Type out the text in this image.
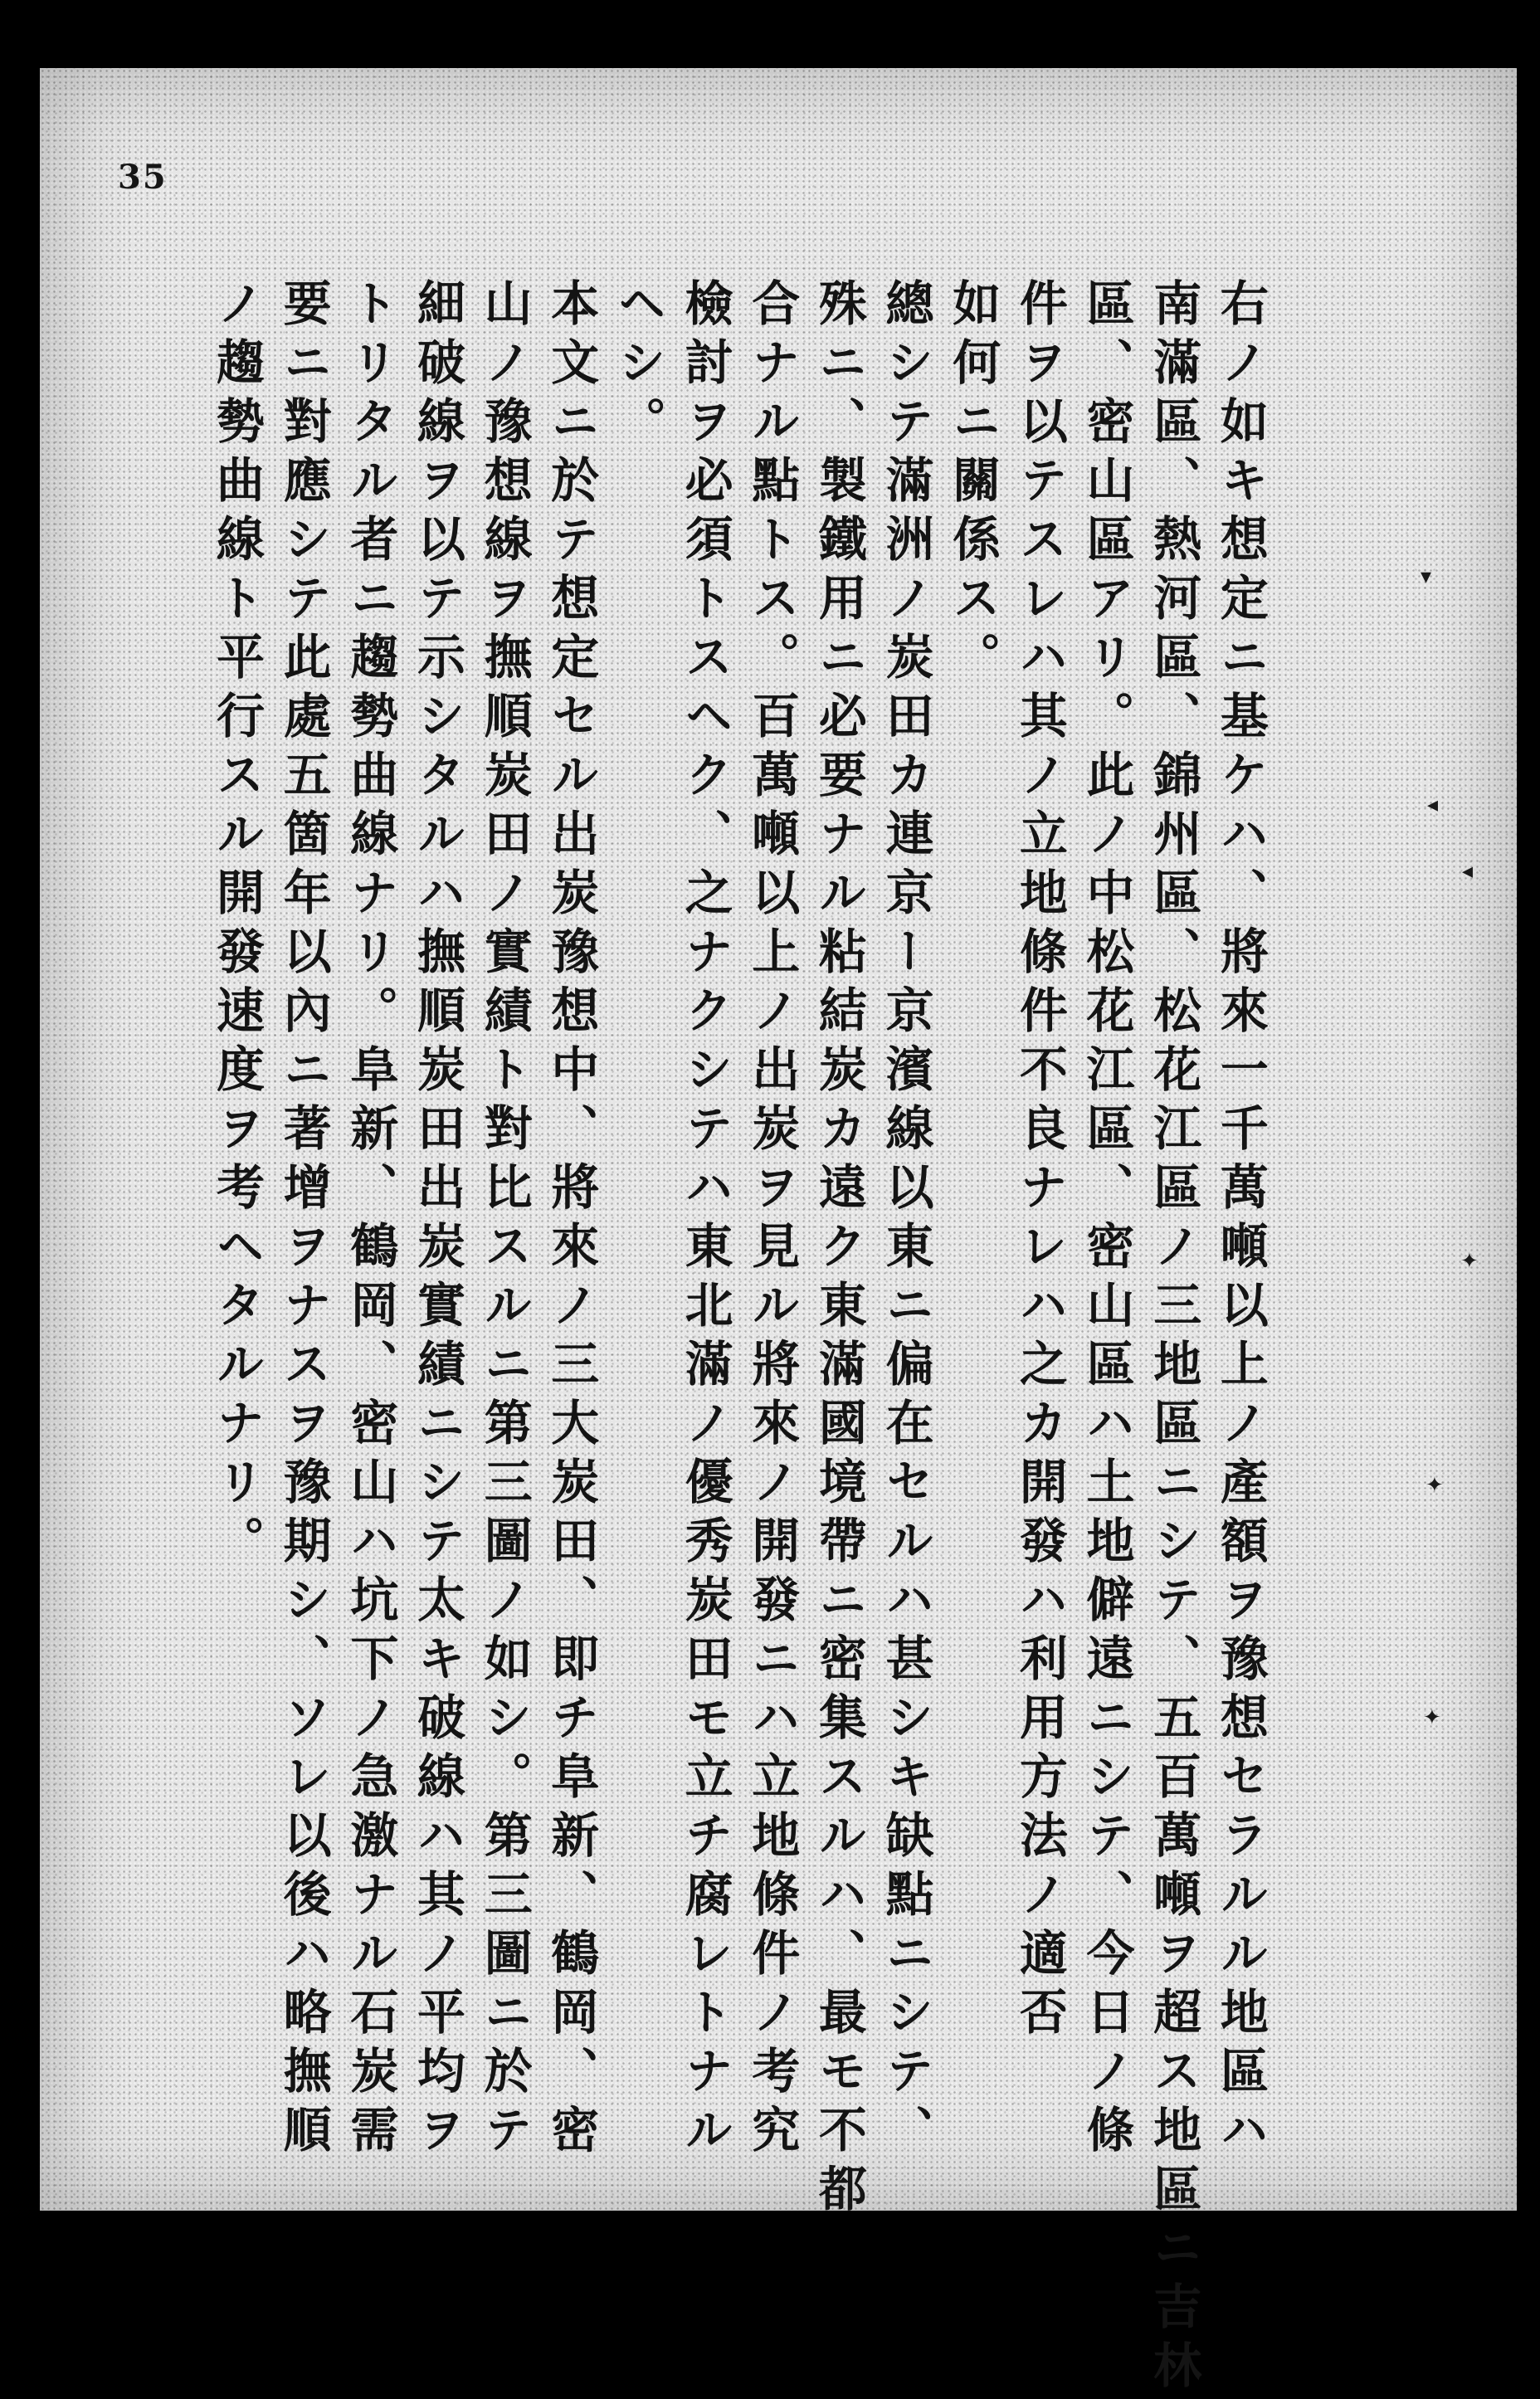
35
右ノ如キ想定ニ基ケハ、將來一千萬噸以上ノ產額ヲ豫想セラルル地區ハ
南滿區、熱河區、錦州區、松花江區ノ三地區ニシテ、五百萬噸ヲ超ス地區ニ吉林
區、密山區アリ。此ノ中松花江區、密山區ハ土地僻遠ニシテ、今日ノ條
件ヲ以テスレハ其ノ立地條件不良ナレハ之カ開發ハ利用方法ノ適否
如何ニ關係ス。
總シテ滿洲ノ炭田カ連京ー京濱線以東ニ偏在セルハ甚シキ缺點ニシテ、
殊ニ、製鐵用ニ必要ナル粘結炭カ遠ク東滿國境帶ニ密集スルハ、最モ不都
合ナル點トス。百萬噸以上ノ出炭ヲ見ル將來ノ開發ニハ立地條件ノ考究
檢討ヲ必須トスヘク、之ナクシテハ東北滿ノ優秀炭田モ立チ腐レトナル
ヘシ。
本文ニ於テ想定セル出炭豫想中、將來ノ三大炭田、即チ阜新、鶴岡、密
山ノ豫想線ヲ撫順炭田ノ實績ト對比スルニ第三圖ノ如シ。第三圖ニ於テ
細破線ヲ以テ示シタルハ撫順炭田出炭實績ニシテ太キ破線ハ其ノ平均ヲ
トリタル者ニ趨勢曲線ナリ。阜新、鶴岡、密山ハ坑下ノ急激ナル石炭需
要ニ對應シテ此處五箇年以內ニ著增ヲナスヲ豫期シ、ソレ以後ハ略撫順
ノ趨勢曲線ト平行スル開發速度ヲ考ヘタルナリ。	▾
◂
◂
✦
✦
✦
